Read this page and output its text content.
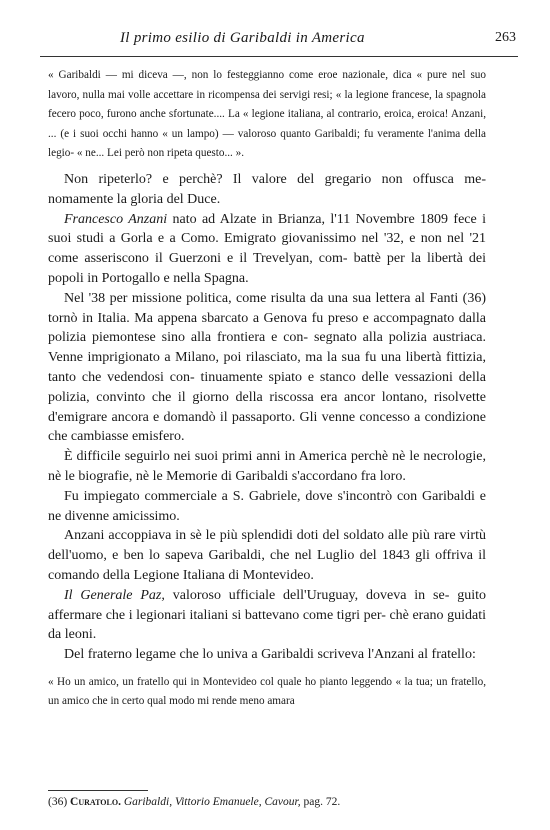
Il primo esilio di Garibaldi in America	263

« Garibaldi — mi diceva —, non lo festeggianno come eroe nazionale, dica « pure nel suo lavoro, nulla mai volle accettare in ricompensa dei servigi resi; « la legione francese, la spagnola fecero poco, furono anche sfortunate.... La « legione italiana, al contrario, eroica, eroica! Anzani, ... (e i suoi occhi hanno « un lampo) — valoroso quanto Garibaldi; fu veramente l'anima della legio- « ne... Lei però non ripeta questo... ».

Non ripeterlo? e perchè? Il valore del gregario non offusca me- nomamente la gloria del Duce.

Francesco Anzani nato ad Alzate in Brianza, l'11 Novembre 1809 fece i suoi studi a Gorla e a Como. Emigrato giovanissimo nel '32, e non nel '21 come asseriscono il Guerzoni e il Trevelyan, com- battè per la libertà dei popoli in Portogallo e nella Spagna.

Nel '38 per missione politica, come risulta da una sua lettera al Fanti (36) tornò in Italia. Ma appena sbarcato a Genova fu preso e accompagnato dalla polizia piemontese sino alla frontiera e con- segnato alla polizia austriaca. Venne imprigionato a Milano, poi rilasciato, ma la sua fu una libertà fittizia, tanto che vedendosi con- tinuamente spiato e stanco delle vessazioni della polizia, convinto che il giorno della riscossa era ancor lontano, risolvette d'emigrare ancora e domandò il passaporto. Gli venne concesso a condizione che cambiasse emisfero.

È difficile seguirlo nei suoi primi anni in America perchè nè le necrologie, nè le biografie, nè le Memorie di Garibaldi s'accordano fra loro.

Fu impiegato commerciale a S. Gabriele, dove s'incontrò con Garibaldi e ne divenne amicissimo.

Anzani accoppiava in sè le più splendidi doti del soldato alle più rare virtù dell'uomo, e ben lo sapeva Garibaldi, che nel Luglio del 1843 gli offriva il comando della Legione Italiana di Montevideo.

Il Generale Paz, valoroso ufficiale dell'Uruguay, doveva in se- guito affermare che i legionari italiani si battevano come tigri per- chè erano guidati da leoni.

Del fraterno legame che lo univa a Garibaldi scriveva l'Anzani al fratello:

« Ho un amico, un fratello qui in Montevideo col quale ho pianto leggendo « la tua; un fratello, un amico che in certo qual modo mi rende meno amara

(36) Curatolo. Garibaldi, Vittorio Emanuele, Cavour, pag. 72.
